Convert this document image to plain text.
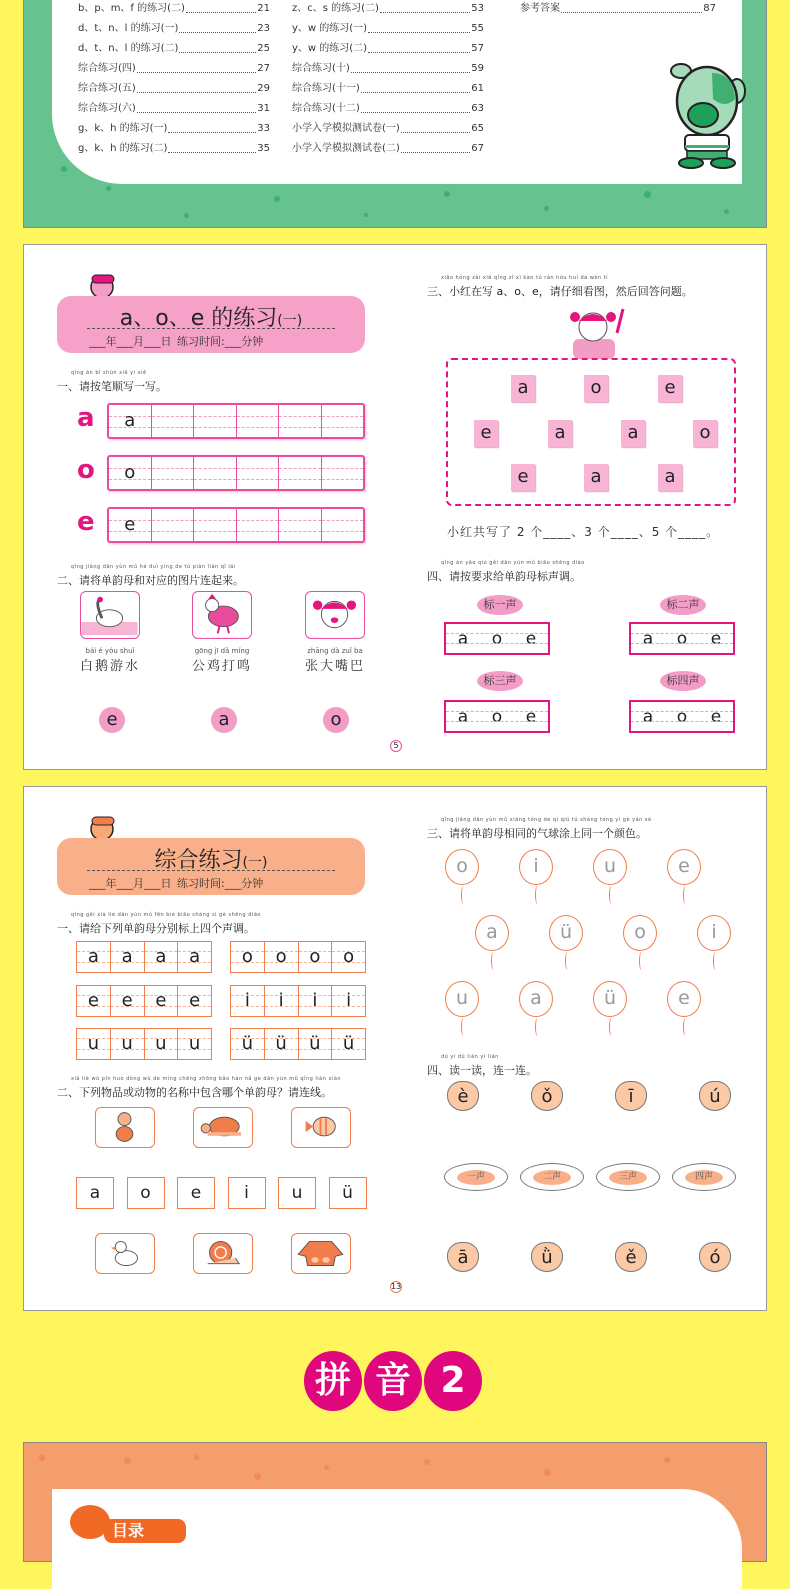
b、p、m、f 的练习(二)	21
d、t、n、l 的练习(一)	23
d、t、n、l 的练习(二)	25
综合练习(四)	27
综合练习(五)	29
综合练习(六)	31
g、k、h 的练习(一)	33
g、k、h 的练习(二)	35
z、c、s 的练习(二)	53
y、w 的练习(一)	55
y、w 的练习(二)	57
综合练习(十)	59
综合练习(十一)	61
综合练习(十二)	63
小学入学模拟测试卷(一)	65
小学入学模拟测试卷(二)	67
参考答案	87
a、o、e 的练习(一)
___年___月___日 练习时间:___分钟
qǐng àn bǐ shùn xiě yi xiě
一、请按笔顺写一写。
a	a
o	o
e	e
qǐng jiāng dān yùn mǔ hé duì yìng de tú piàn lián qǐ lái
二、请将单韵母和对应的图片连起来。
bái é yóu shuǐ
白鹅游水
gōng jī dǎ míng
公鸡打鸣
zhāng dà zuǐ ba
张大嘴巴
e	a	o
xiǎo hóng zài xiě qǐng zǐ xì kàn tú rán hòu huí dá wèn tí
三、小红在写 a、o、e，请仔细看图，然后回答问题。
a	o	e
e	a	a	o
e	a	a
小红共写了 2 个____、3 个____、5 个____。
qǐng àn yāo qiú gěi dān yùn mǔ biāo shēng diào
四、请按要求给单韵母标声调。
标一声
a o e
标二声
a o e
标三声
a o e
标四声
a o e
5
综合练习(一)
___年___月___日 练习时间:___分钟
qǐng gěi xià liè dān yùn mǔ fēn bié biāo shàng sì gè shēng diào
一、请给下列单韵母分别标上四个声调。
a	a	a	a	o	o	o	o
e	e	e	e	i	i	i	i
u	u	u	u	ü	ü	ü	ü
xià liè wù pǐn huò dòng wù de míng chēng zhōng bāo hán nǎ ge dān yùn mǔ qǐng lián xiàn
二、下列物品或动物的名称中包含哪个单韵母？请连线。
a	o	e	i	u	ü
qǐng jiāng dān yùn mǔ xiāng tóng de qì qiú tú shàng tóng yí gè yán sè
三、请将单韵母相同的气球涂上同一个颜色。
o	i	u	e
a	ü	o	i
u	a	ü	e
dú yi dú lián yi lián
四、读一读，连一连。
è	ǒ	ī	ú
一声	二声	三声	四声
ā	ǜ	ě	ó
13
拼 音 2
目录
